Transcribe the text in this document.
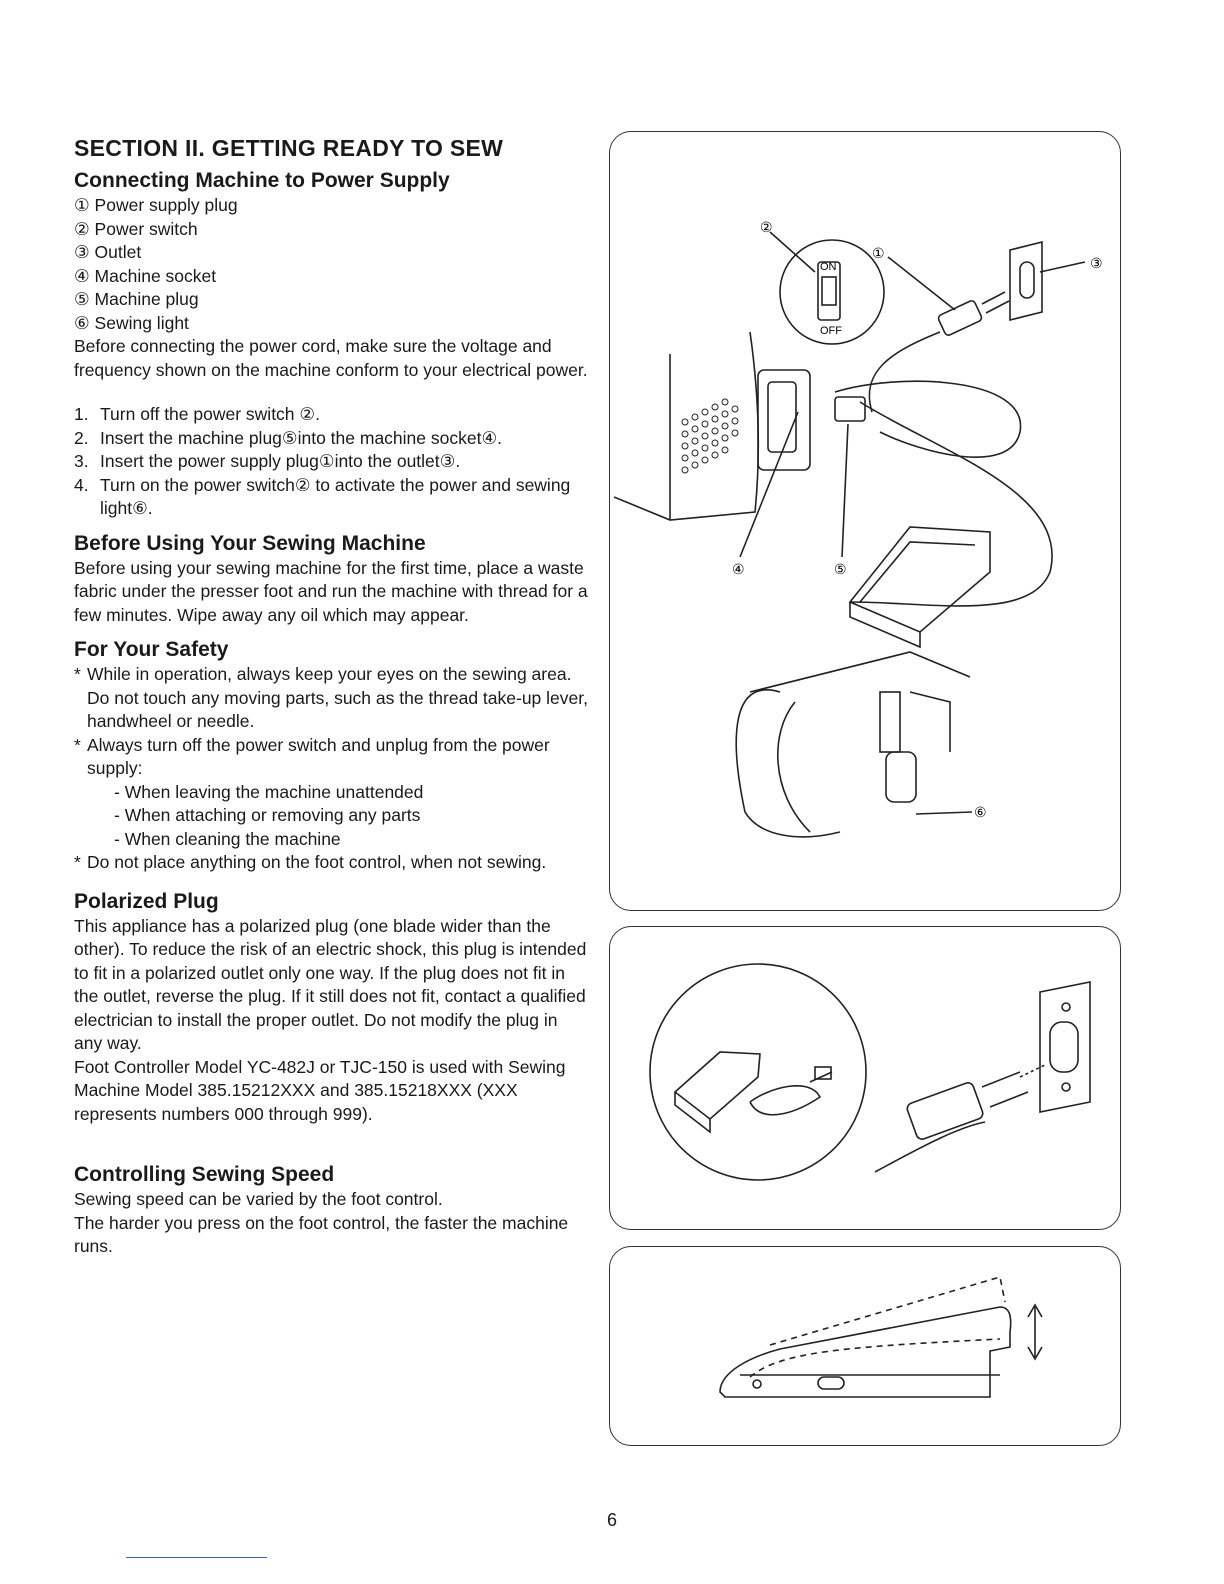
SECTION II. GETTING READY TO SEW
Connecting Machine to Power Supply
① Power supply plug
② Power switch
③ Outlet
④ Machine socket
⑤ Machine plug
⑥ Sewing light

Before connecting the power cord, make sure the voltage and frequency shown on the machine conform to your electrical power.

1. Turn off the power switch ②.
2. Insert the machine plug⑤into the machine socket④.
3. Insert the power supply plug①into the outlet③.
4. Turn on the power switch② to activate the power and sewing light⑥.
Before Using Your Sewing Machine

Before using your sewing machine for the first time, place a waste fabric under the presser foot and run the machine with thread for a few minutes. Wipe away any oil which may appear.

For Your Safety
* While in operation, always keep your eyes on the sewing area. Do not touch any moving parts, such as the thread take-up lever, handwheel or needle.
* Always turn off the power switch and unplug from the power supply:
- When leaving the machine unattended
- When attaching or removing any parts
- When cleaning the machine
* Do not place anything on the foot control, when not sewing.
Polarized Plug

This appliance has a polarized plug (one blade wider than the other). To reduce the risk of an electric shock, this plug is intended to fit in a polarized outlet only one way. If the plug does not fit in the outlet, reverse the plug. If it still does not fit, contact a qualified electrician to install the proper outlet. Do not modify the plug in any way.

Foot Controller Model YC-482J or TJC-150 is used with Sewing Machine Model 385.15212XXX and 385.15218XXX (XXX represents numbers 000 through 999).

Controlling Sewing Speed

Sewing speed can be varied by the foot control.

The harder you press on the foot control, the faster the machine runs.

②
①
③
④	⑤
⑥
ON
OFF
6
